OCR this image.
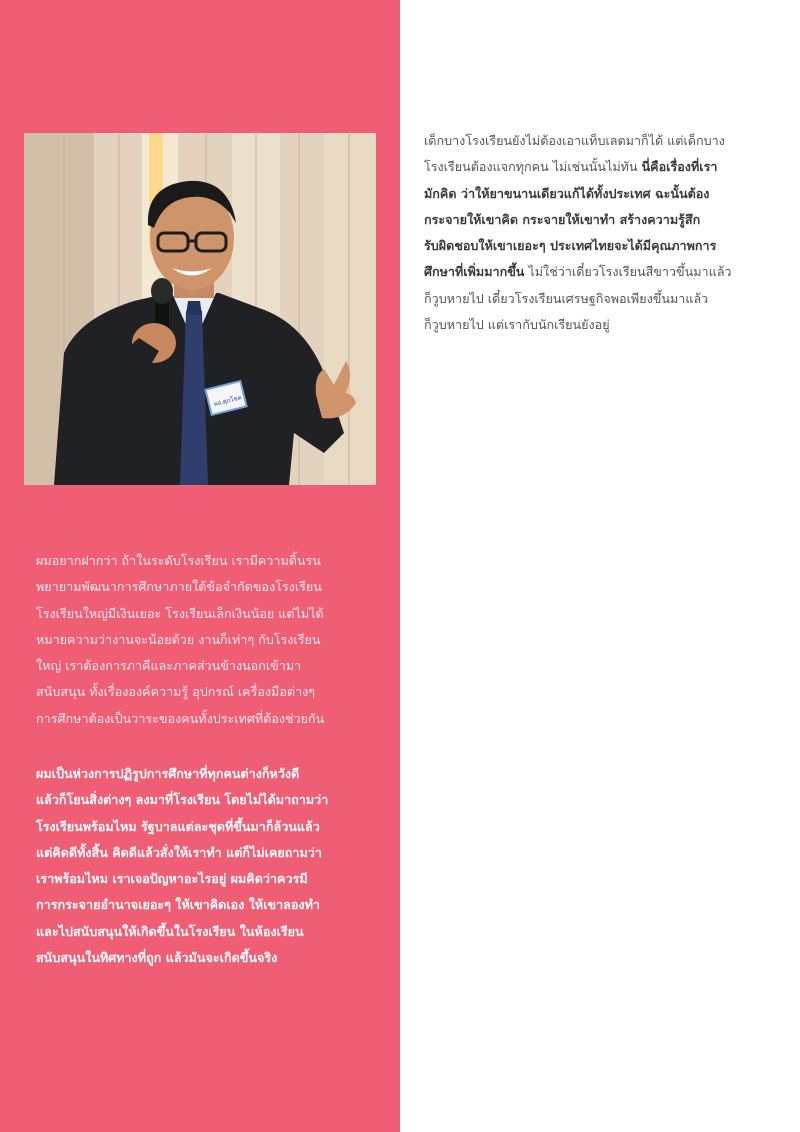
ผอ.ศุภโชค
เด็กบางโรงเรียนยังไม่ต้องเอาแท็บเลตมาก็ได้ แต่เด็กบาง
โรงเรียนต้องแจกทุกคน ไม่เช่นนั้นไม่ทัน นี่คือเรื่องที่เรา
มักคิด ว่าให้ยาขนานเดียวแก้ได้ทั้งประเทศ ฉะนั้นต้อง
กระจายให้เขาคิด กระจายให้เขาทำ สร้างความรู้สึก
รับผิดชอบให้เขาเยอะๆ ประเทศไทยจะได้มีคุณภาพการ
ศึกษาที่เพิ่มมากขึ้น ไม่ใช่ว่าเดี๋ยวโรงเรียนสีขาวขึ้นมาแล้ว
ก็วูบหายไป เดี๋ยวโรงเรียนเศรษฐกิจพอเพียงขึ้นมาแล้ว
ก็วูบหายไป แต่เรากับนักเรียนยังอยู่
ผมอยากฝากว่า ถ้าในระดับโรงเรียน เรามีความดิ้นรน
พยายามพัฒนาการศึกษาภายใต้ข้อจำกัดของโรงเรียน
โรงเรียนใหญ่มีเงินเยอะ โรงเรียนเล็กเงินน้อย แต่ไม่ได้
หมายความว่างานจะน้อยด้วย งานก็เท่าๆ กับโรงเรียน
ใหญ่ เราต้องการภาคีและภาคส่วนข้างนอกเข้ามา
สนับสนุน ทั้งเรื่ององค์ความรู้ อุปกรณ์ เครื่องมือต่างๆ
การศึกษาต้องเป็นวาระของคนทั้งประเทศที่ต้องช่วยกัน
ผมเป็นห่วงการปฏิรูปการศึกษาที่ทุกคนต่างก็หวังดี
แล้วก็โยนสิ่งต่างๆ ลงมาที่โรงเรียน โดยไม่ได้มาถามว่า
โรงเรียนพร้อมไหม รัฐบาลแต่ละชุดที่ขึ้นมาก็ล้วนแล้ว
แต่คิดดีทั้งสิ้น คิดดีแล้วสั่งให้เราทำ แต่ก็ไม่เคยถามว่า
เราพร้อมไหม เราเจอปัญหาอะไรอยู่ ผมคิดว่าควรมี
การกระจายอำนาจเยอะๆ ให้เขาคิดเอง ให้เขาลองทำ
และไปสนับสนุนให้เกิดขึ้นในโรงเรียน ในห้องเรียน
สนับสนุนในทิศทางที่ถูก แล้วมันจะเกิดขึ้นจริง
